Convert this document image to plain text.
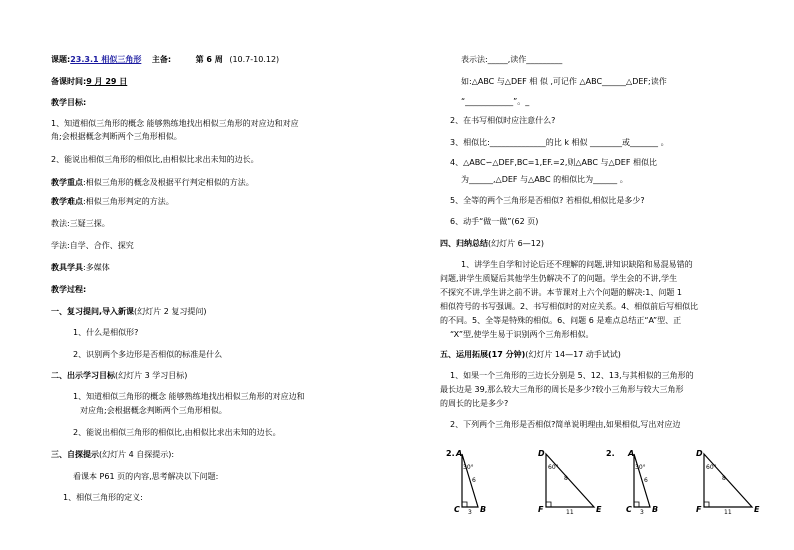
课题:23.3.1 相似三角形 主备:	第 6 周 (10.7-10.12)
备课时间:9 月 29 日
教学目标:
1、知道相似三角形的概念 能够熟练地找出相似三角形的对应边和对应
角;会根据概念判断两个三角形相似。
2、能说出相似三角形的相似比,由相似比求出未知的边长。
教学重点:相似三角形的概念及根据平行判定相似的方法。
教学难点:相似三角形判定的方法。
教法:三疑三探。
学法:自学、合作、探究
教具学具:多媒体
教学过程:
一、复习提问,导入新课(幻灯片 2 复习提问)
1、什么是相似形?
2、识别两个多边形是否相似的标准是什么
二、出示学习目标(幻灯片 3 学习目标)
1、知道相似三角形的概念 能够熟练地找出相似三角形的对应边和
对应角;会根据概念判断两个三角形相似。
2、能说出相似三角形的相似比,由相似比求出未知的边长。
三、自探提示(幻灯片 4 自探提示):
看课本 P61 页的内容,思考解决以下问题:
1、相似三角形的定义:
表示法:_____,读作_________
如:△ABC 与△DEF 相 似 ,可记作 △ABC______△DEF;读作
“____________”。_
2、在书写相似时应注意什么?
3、相似比:______________的比 k 相似 ________或_______ 。
4、△ABC∽△DEF,BC=1,EF.=2,则△ABC 与△DEF 相似比
为______,△DEF 与△ABC 的相似比为______ 。
5、全等的两个三角形是否相似? 若相似,相似比是多少?
6、动手“做一做”(62 页)
四、归纳总结(幻灯片 6—12)
1、讲学生自学和讨论后还不理解的问题,讲知识缺陷和易混易错的
问题,讲学生质疑后其他学生仍解决不了的问题。学生会的不讲,学生
不探究不讲,学生讲之前不讲。本节课对上六个问题的解决:1、问题 1
相似符号的书写强调。2、书写相似时的对应关系。4、相似前后写相似比
的不同。5、全等是特殊的相似。6、问题 6 是难点总结正“A”型、正
“X”型,使学生易于识别两个三角形相似。
五、运用拓展(17 分钟)(幻灯片 14—17 动手试试)
1、如果一个三角形的三边长分别是 5、12、13,与其相似的三角形的
最长边是 39,那么较大三角形的周长是多少?较小三角形与较大三角形
的周长的比是多少?
2、下列两个三角形是否相似?简单说明理由,如果相似,写出对应边
2. A
C	B
30°
6
3
D
F	E
60°
8
11
2. A
C	B
30°
6
3
D
F	E
60°
8
11
